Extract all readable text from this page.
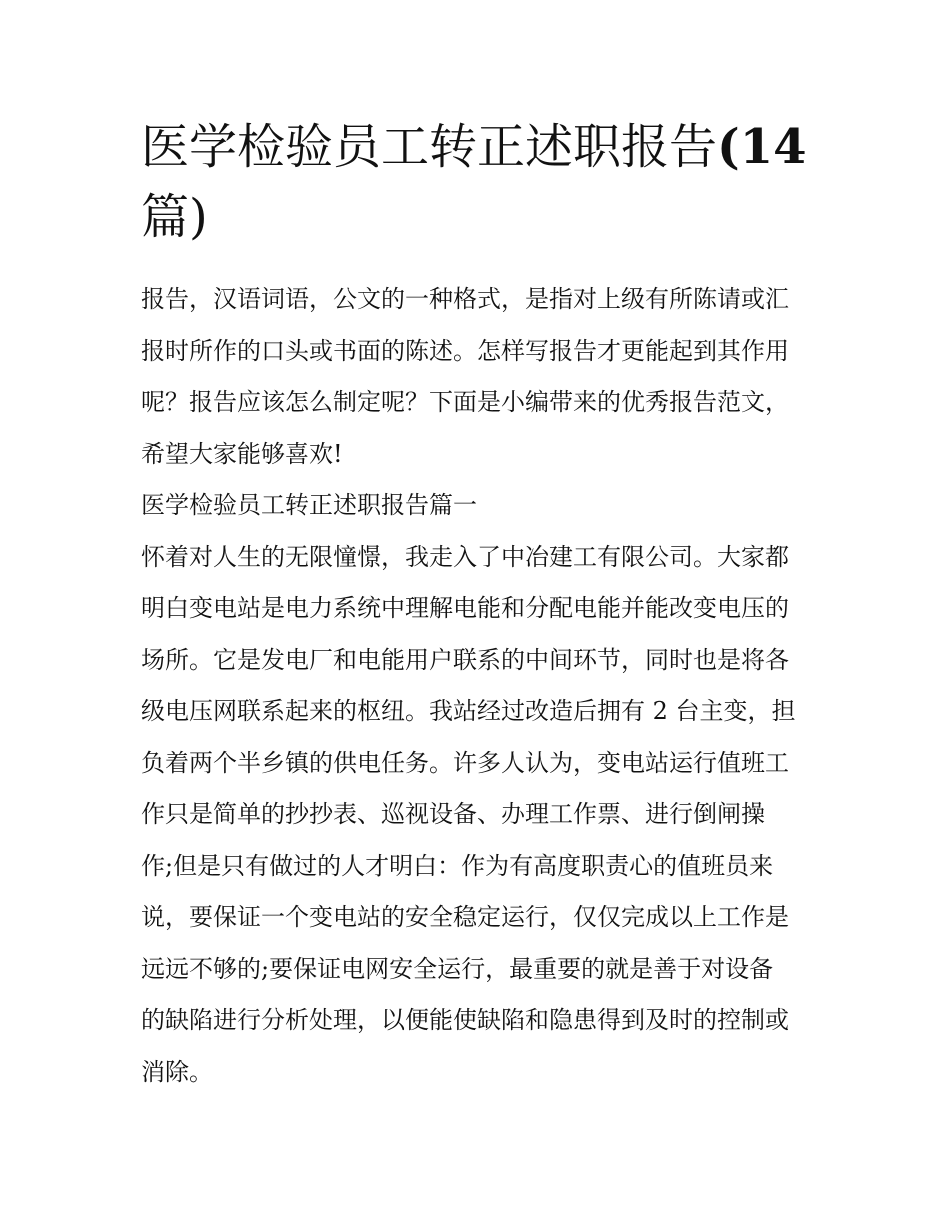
医学检验员工转正述职报告(14
篇)

报告，汉语词语，公文的一种格式，是指对上级有所陈请或汇

报时所作的口头或书面的陈述。怎样写报告才更能起到其作用

呢？报告应该怎么制定呢？下面是小编带来的优秀报告范文，

希望大家能够喜欢!

医学检验员工转正述职报告篇一

怀着对人生的无限憧憬，我走入了中冶建工有限公司。大家都

明白变电站是电力系统中理解电能和分配电能并能改变电压的

场所。它是发电厂和电能用户联系的中间环节，同时也是将各

级电压网联系起来的枢纽。我站经过改造后拥有 2 台主变，担

负着两个半乡镇的供电任务。许多人认为，变电站运行值班工

作只是简单的抄抄表、巡视设备、办理工作票、进行倒闸操

作;但是只有做过的人才明白：作为有高度职责心的值班员来

说，要保证一个变电站的安全稳定运行，仅仅完成以上工作是

远远不够的;要保证电网安全运行，最重要的就是善于对设备

的缺陷进行分析处理，以便能使缺陷和隐患得到及时的控制或

消除。
